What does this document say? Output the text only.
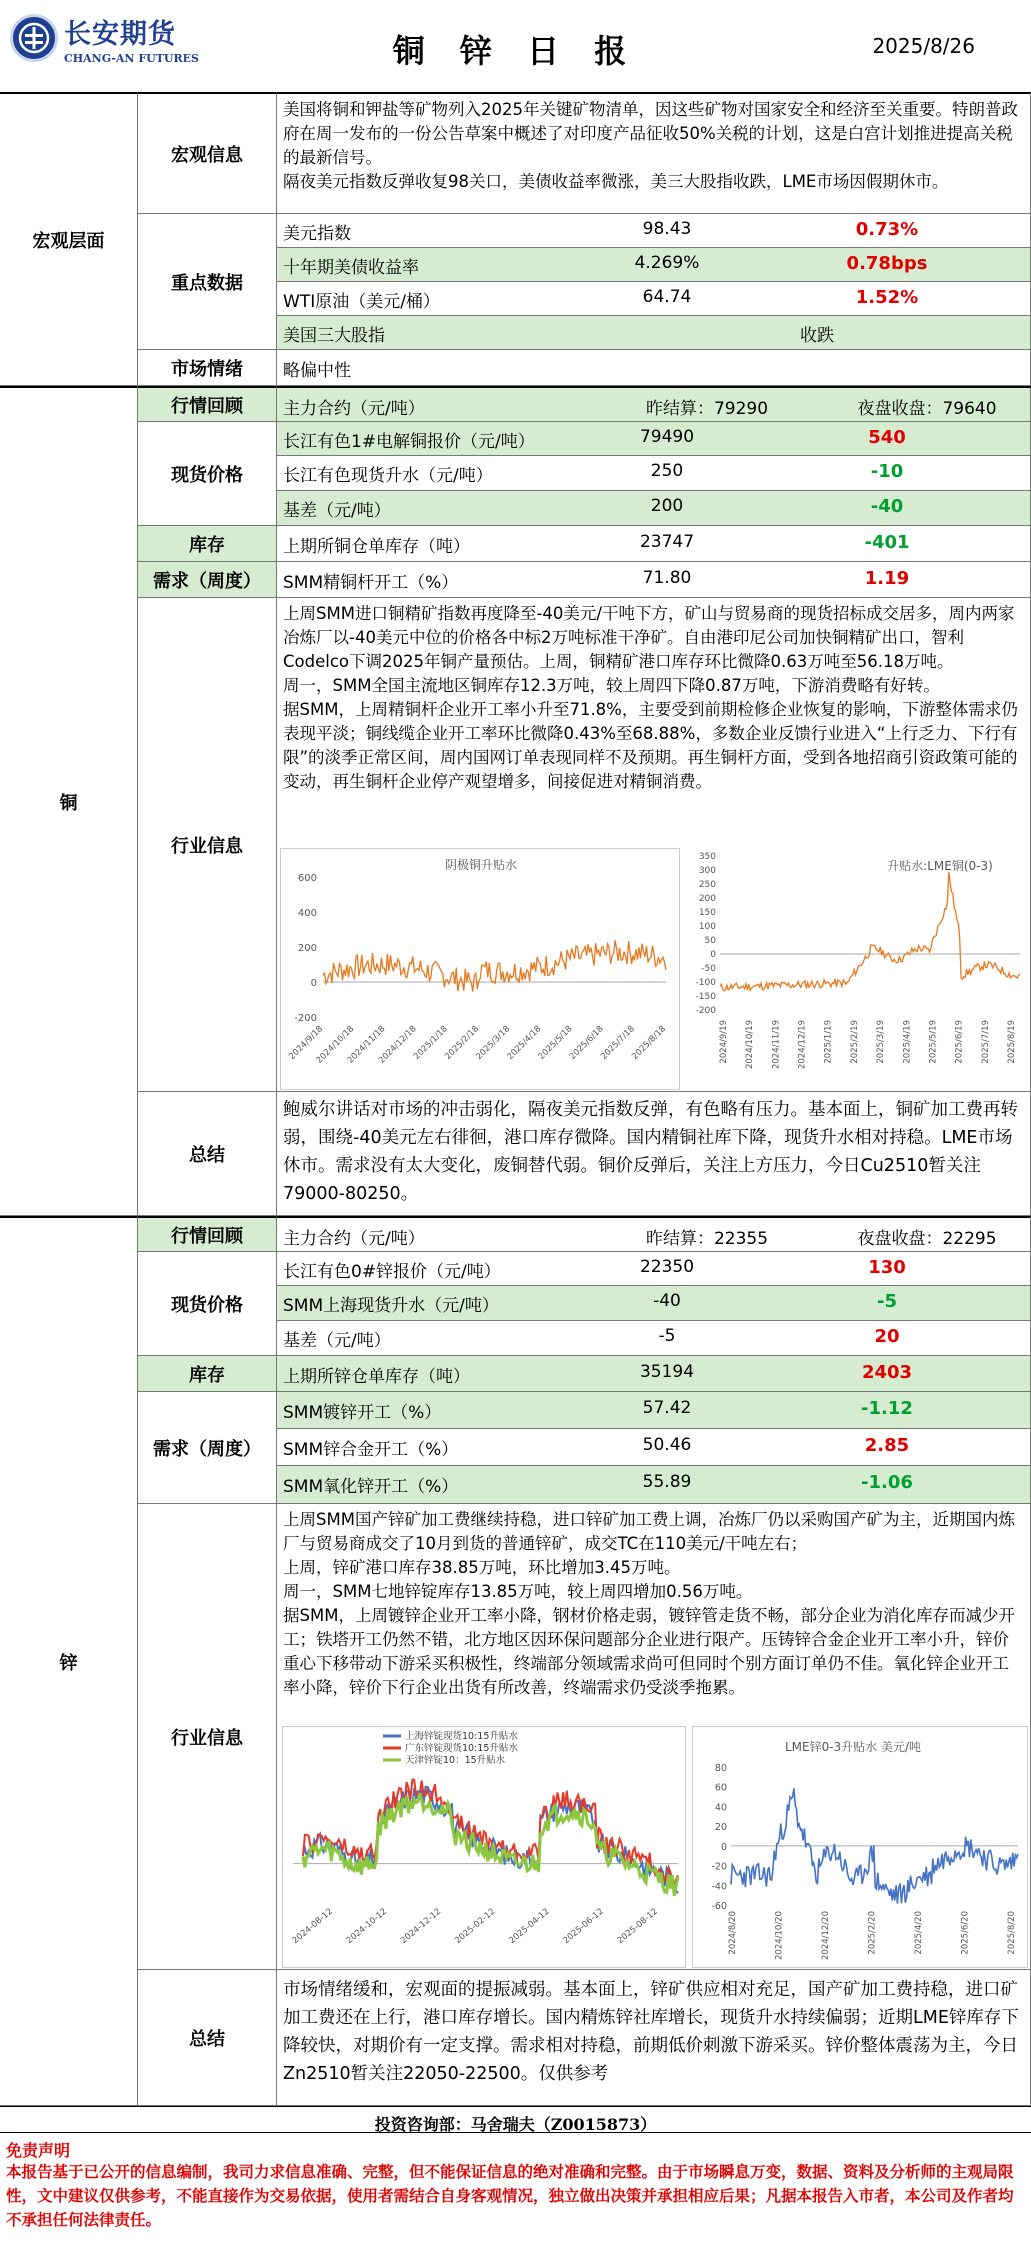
长安期货
CHANG-AN FUTURES	铜 锌 日 报	2025/8/26
宏观层面
宏观信息
美国将铜和钾盐等矿物列入2025年关键矿物清单，因这些矿物对国家安全和经济至关重要。特朗普政府在周一发布的一份公告草案中概述了对印度产品征收50%关税的计划，这是白宫计划推进提高关税的最新信号。
隔夜美元指数反弹收复98关口，美债收益率微涨，美三大股指收跌，LME市场因假期休市。
重点数据
美元指数	98.43	0.73%
十年期美债收益率	4.269%	0.78bps
WTI原油（美元/桶）	64.74	1.52%
美国三大股指	收跌
市场情绪	略偏中性
铜
行情回顾	主力合约（元/吨）	昨结算：79290	夜盘收盘：79640
现货价格
长江有色1#电解铜报价（元/吨）	79490	540
长江有色现货升水（元/吨）	250	-10
基差（元/吨）	200	-40
库存	上期所铜仓单库存（吨）	23747	-401
需求（周度）	SMM精铜杆开工（%）	71.80	1.19
行业信息
上周SMM进口铜精矿指数再度降至-40美元/干吨下方，矿山与贸易商的现货招标成交居多，周内两家冶炼厂以-40美元中位的价格各中标2万吨标准干净矿。自由港印尼公司加快铜精矿出口，智利Codelco下调2025年铜产量预估。上周，铜精矿港口库存环比微降0.63万吨至56.18万吨。
周一，SMM全国主流地区铜库存12.3万吨，较上周四下降0.87万吨，下游消费略有好转。
据SMM，上周精铜杆企业开工率小升至71.8%，主要受到前期检修企业恢复的影响，下游整体需求仍表现平淡；铜线缆企业开工率环比微降0.43%至68.88%，多数企业反馈行业进入“上行乏力、下行有限”的淡季正常区间，周内国网订单表现同样不及预期。再生铜杆方面，受到各地招商引资政策可能的变动，再生铜杆企业停产观望增多，间接促进对精铜消费。
阴极铜升贴水
600
400
200
0
-200
2024/9/18
2024/10/18
2024/11/18
2024/12/18
2025/1/18
2025/2/18
2025/3/18
2025/4/18
2025/5/18
2025/6/18
2025/7/18
2025/8/18
升贴水:LME铜(0-3)
350
300
250
200
150
100
50
0
-50
-100
-150
-200
2024/9/19 2024/10/19 2024/11/19 2024/12/19 2025/1/19 2025/2/19 2025/3/19 2025/4/19 2025/5/19 2025/6/19 2025/7/19 2025/8/19
总结
鲍威尔讲话对市场的冲击弱化，隔夜美元指数反弹，有色略有压力。基本面上，铜矿加工费再转弱，围绕-40美元左右徘徊，港口库存微降。国内精铜社库下降，现货升水相对持稳。LME市场休市。需求没有太大变化，废铜替代弱。铜价反弹后，关注上方压力，今日Cu2510暂关注79000-80250。
锌
行情回顾	主力合约（元/吨）	昨结算：22355	夜盘收盘：22295
现货价格
长江有色0#锌报价（元/吨）	22350	130
SMM上海现货升水（元/吨）	-40	-5
基差（元/吨）	-5	20
库存	上期所锌仓单库存（吨）	35194	2403
需求（周度）
SMM镀锌开工（%）	57.42	-1.12
SMM锌合金开工（%）	50.46	2.85
SMM氧化锌开工（%）	55.89	-1.06
行业信息
上周SMM国产锌矿加工费继续持稳，进口锌矿加工费上调，冶炼厂仍以采购国产矿为主，近期国内炼厂与贸易商成交了10月到货的普通锌矿，成交TC在110美元/干吨左右；
上周，锌矿港口库存38.85万吨，环比增加3.45万吨。
周一，SMM七地锌锭库存13.85万吨，较上周四增加0.56万吨。
据SMM，上周镀锌企业开工率小降，钢材价格走弱，镀锌管走货不畅，部分企业为消化库存而减少开工；铁塔开工仍然不错，北方地区因环保问题部分企业进行限产。压铸锌合金企业开工率小升，锌价重心下移带动下游采买积极性，终端部分领域需求尚可但同时个别方面订单仍不佳。氧化锌企业开工率小降，锌价下行企业出货有所改善，终端需求仍受淡季拖累。
上海锌锭现货10:15升贴水
广东锌锭现货10:15升贴水
天津锌锭10：15升贴水
2024-08-12 2024-10-12 2024-12-12 2025-02-12 2025-04-12 2025-06-12 2025-08-12
LME锌0-3升贴水 美元/吨
80
60
40
20
0
-20
-40
-60
2024/8/20	2024/10/20	2024/12/20	2025/2/20	2025/4/20	2025/6/20	2025/8/20
总结
市场情绪缓和，宏观面的提振减弱。基本面上，锌矿供应相对充足，国产矿加工费持稳，进口矿加工费还在上行，港口库存增长。国内精炼锌社库增长，现货升水持续偏弱；近期LME锌库存下降较快，对期价有一定支撑。需求相对持稳，前期低价刺激下游采买。锌价整体震荡为主，今日Zn2510暂关注22050-22500。仅供参考
投资咨询部：马舍瑞夫（Z0015873）
免责声明
本报告基于已公开的信息编制，我司力求信息准确、完整，但不能保证信息的绝对准确和完整。由于市场瞬息万变，数据、资料及分析师的主观局限性，文中建议仅供参考，不能直接作为交易依据，使用者需结合自身客观情况，独立做出决策并承担相应后果；凡据本报告入市者，本公司及作者均不承担任何法律责任。
